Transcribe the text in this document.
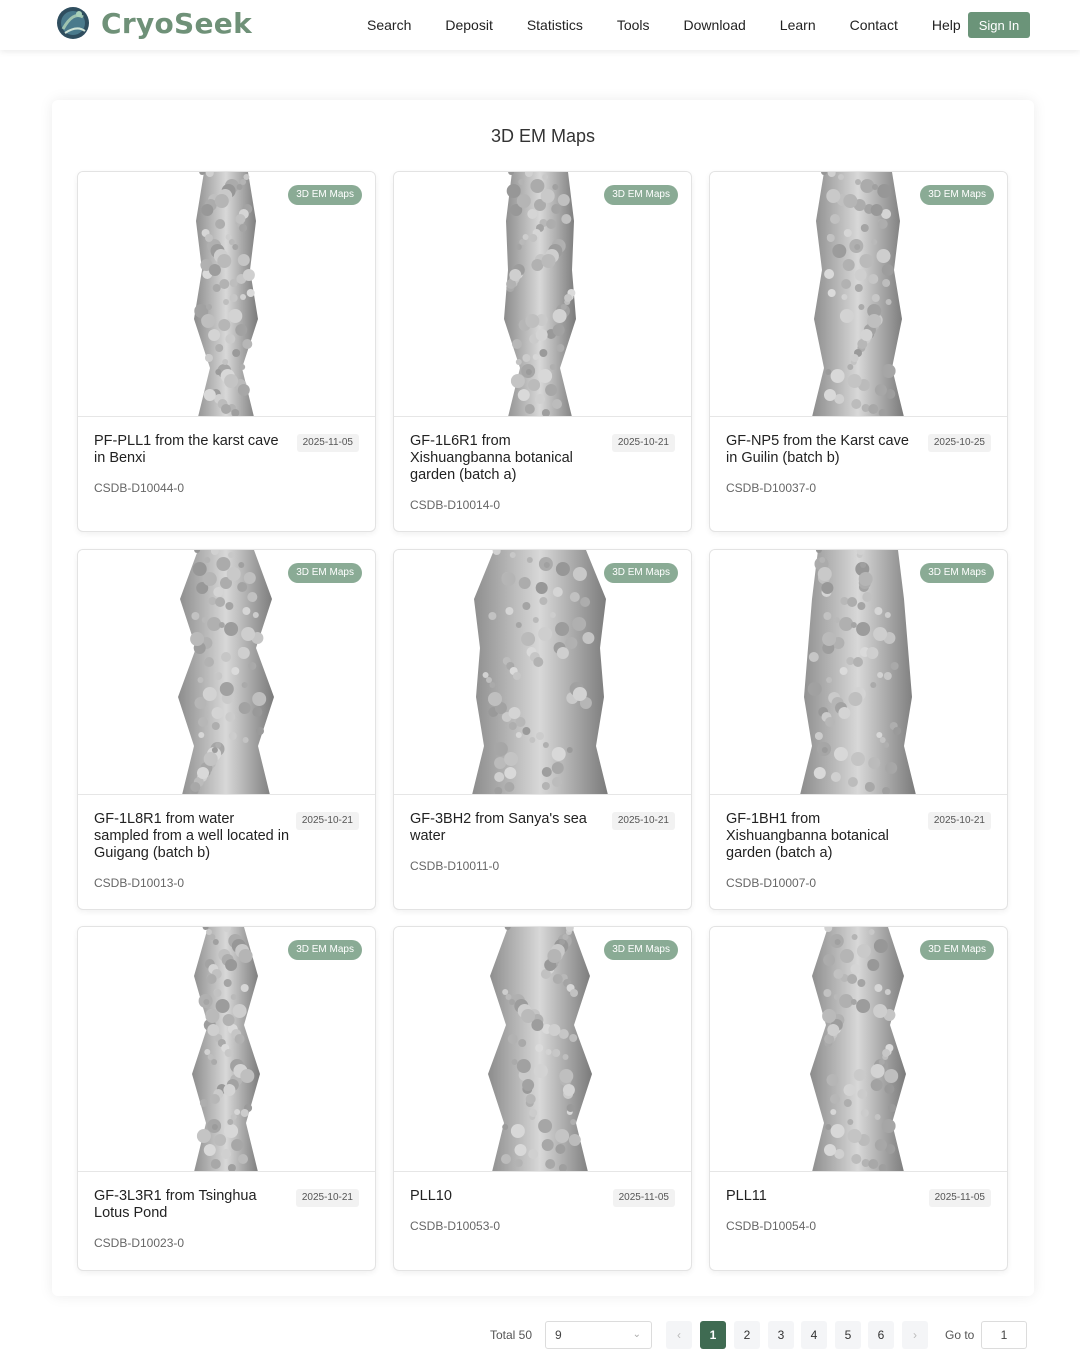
CryoSeek	Search	Deposit	Statistics	Tools	Download	Learn	Contact	Help	Sign In
3D EM Maps
3D EM Maps
PF-PLL1 from the karst cave in Benxi
2025-11-05
CSDB-D10044-0
3D EM Maps
GF-1L6R1 from Xishuangbanna botanical garden (batch a)
2025-10-21
CSDB-D10014-0
3D EM Maps
GF-NP5 from the Karst cave in Guilin (batch b)
2025-10-25
CSDB-D10037-0
3D EM Maps
GF-1L8R1 from water sampled from a well located in Guigang (batch b)
2025-10-21
CSDB-D10013-0
3D EM Maps
GF-3BH2 from Sanya's sea water
2025-10-21
CSDB-D10011-0
3D EM Maps
GF-1BH1 from Xishuangbanna botanical garden (batch a)
2025-10-21
CSDB-D10007-0
3D EM Maps
GF-3L3R1 from Tsinghua Lotus Pond
2025-10-21
CSDB-D10023-0
3D EM Maps
PLL10	2025-11-05
CSDB-D10053-0
3D EM Maps
PLL11	2025-11-05
CSDB-D10054-0
Total 50	9	⌄	‹	1	2	3	4	5	6	›	Go to
1
